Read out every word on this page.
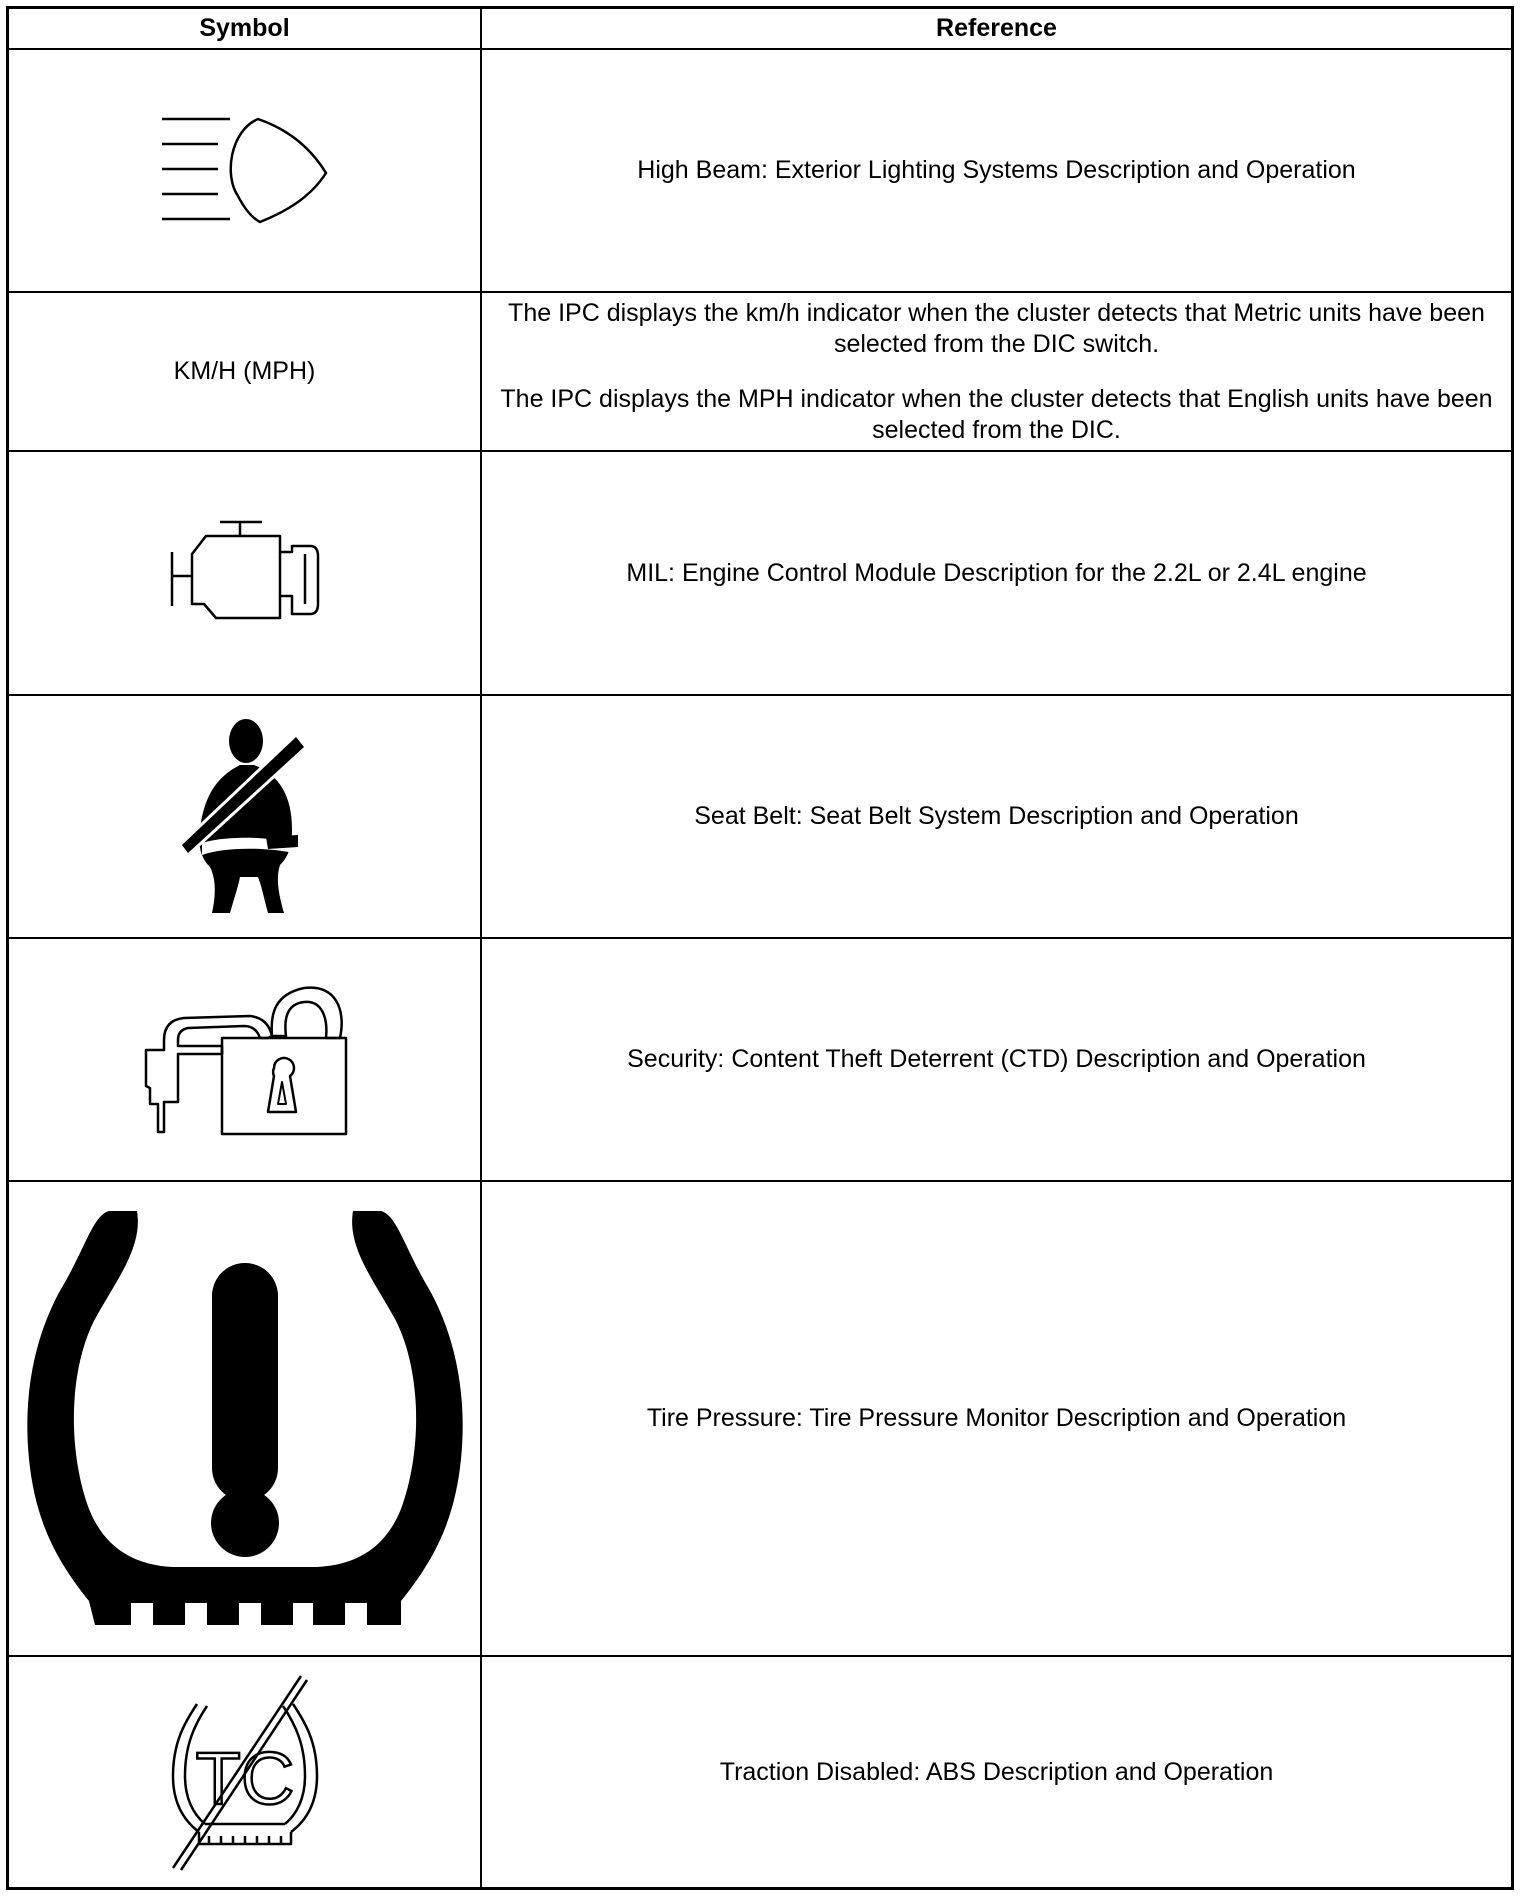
Symbol	Reference
High Beam: Exterior Lighting Systems Description and Operation
KM/H (MPH)
The IPC displays the km/h indicator when the cluster detects that Metric units have been selected from the DIC switch.
The IPC displays the MPH indicator when the cluster detects that English units have been selected from the DIC.
MIL: Engine Control Module Description for the 2.2L or 2.4L engine
Seat Belt: Seat Belt System Description and Operation
Security: Content Theft Deterrent (CTD) Description and Operation
Tire Pressure: Tire Pressure Monitor Description and Operation
TC	Traction Disabled: ABS Description and Operation
